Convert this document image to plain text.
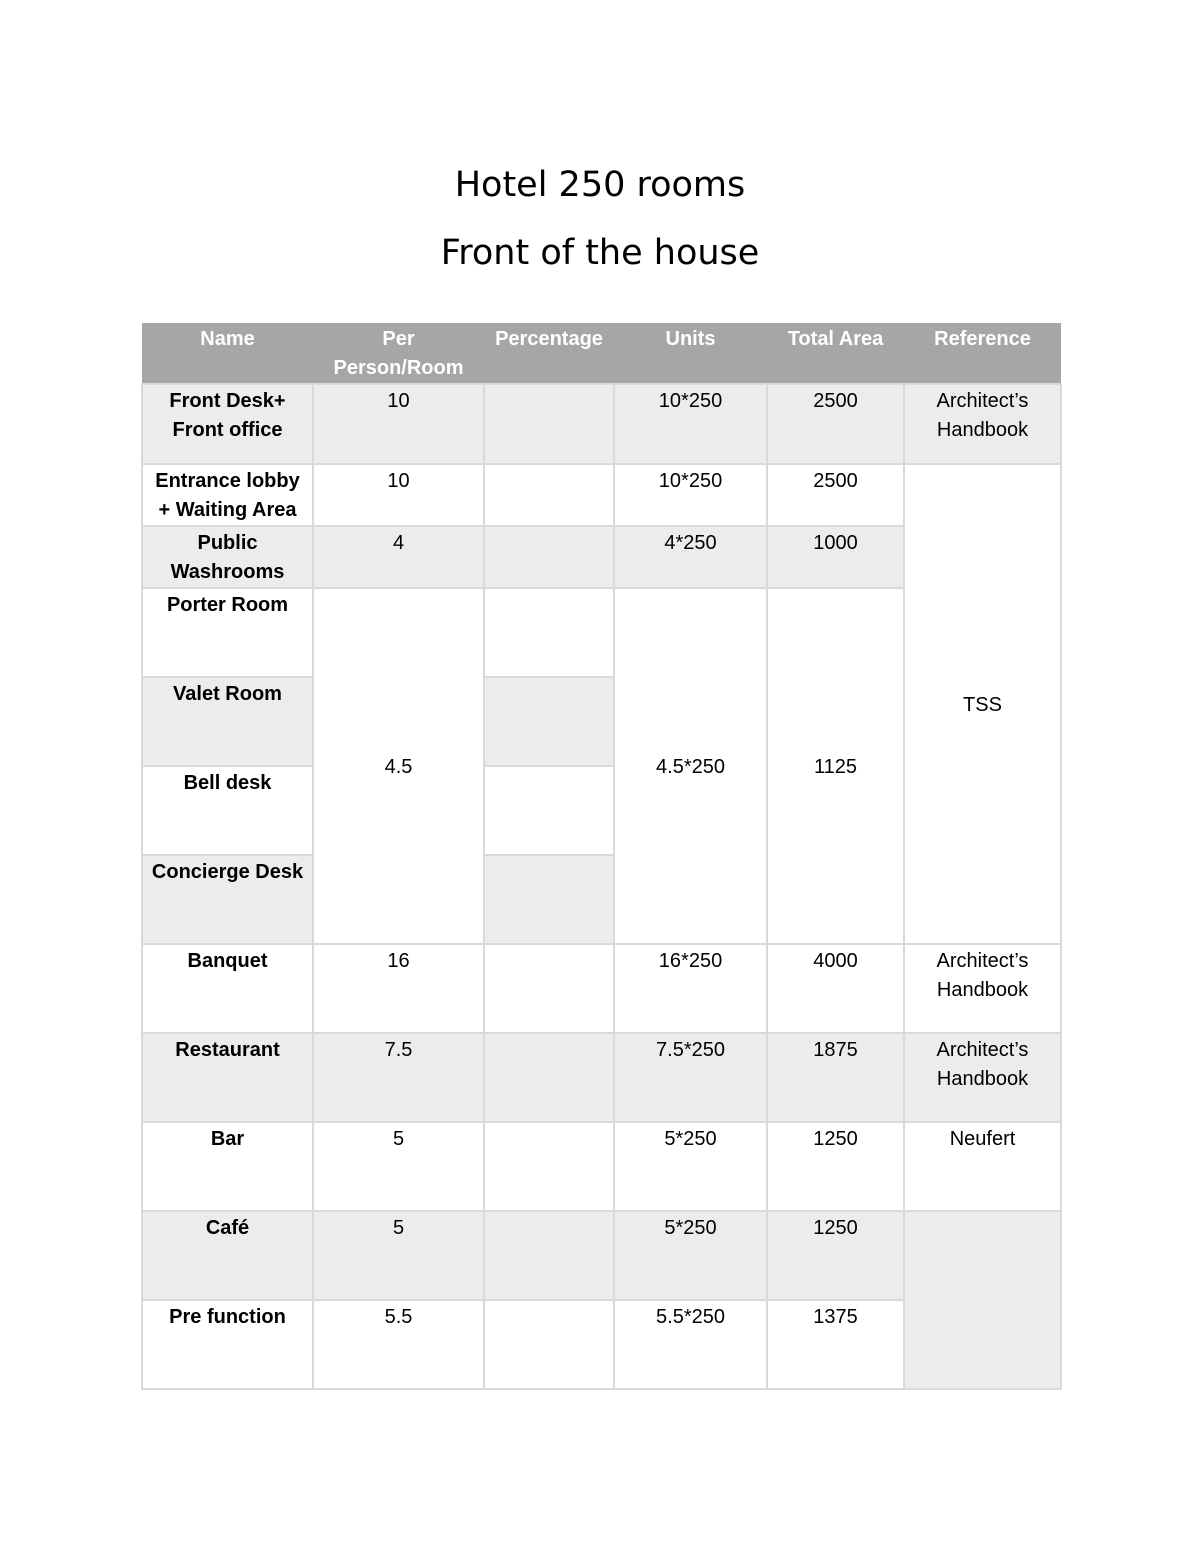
Hotel 250 rooms
Front of the house
Name	Per Person/Room	Percentage	Units	Total Area	Reference
Front Desk+ Front office	10		10*250	2500	Architect’s Handbook
Entrance lobby + Waiting Area	10		10*250	2500	TSS
Public Washrooms	4		4*250	1000	
Porter Room	4.5		4.5*250	1125	
Valet Room					
Bell desk					
Concierge Desk					
Banquet	16		16*250	4000	Architect’s Handbook
Restaurant	7.5		7.5*250	1875	Architect’s Handbook
Bar	5		5*250	1250	Neufert
Café	5		5*250	1250	
Pre function	5.5		5.5*250	1375	
